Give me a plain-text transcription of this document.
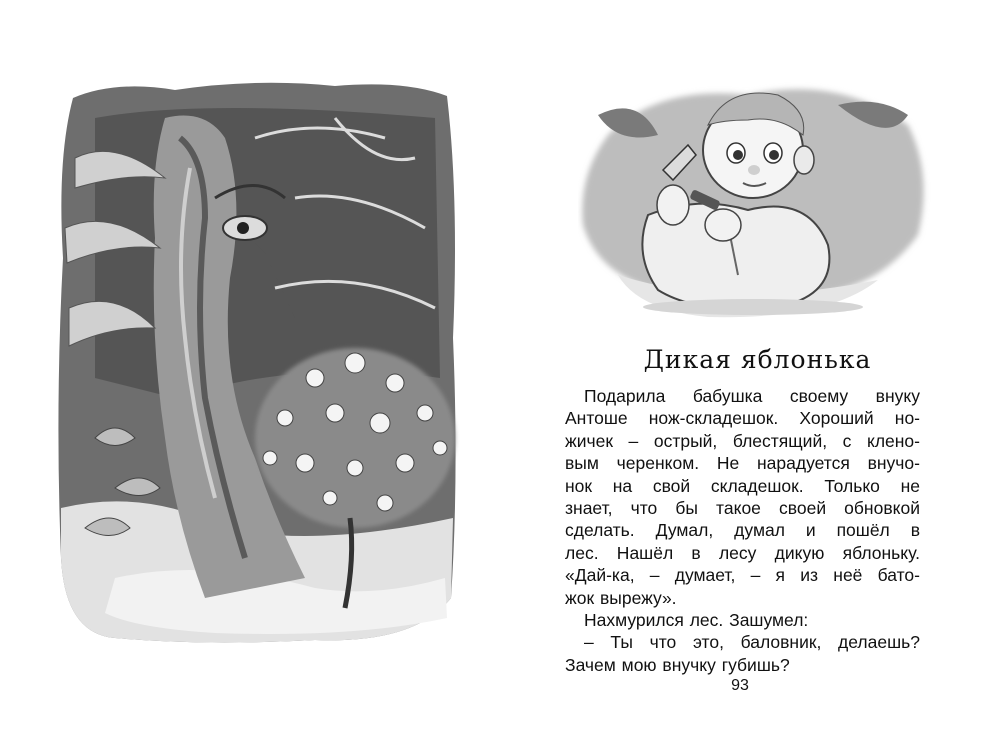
Дикая яблонька

Подарила бабушка своему внуку

Антоше нож-складешок. Хороший но-

жичек – острый, блестящий, с клено-

вым черенком. Не нарадуется внучо-

нок на свой складешок. Только не

знает, что бы такое своей обновкой

сделать. Думал, думал и пошёл в

лес. Нашёл в лесу дикую яблоньку.

«Дай-ка, – думает, – я из неё бато-

жок вырежу».

Нахмурился лес. Зашумел:

– Ты что это, баловник, делаешь?

Зачем мою внучку губишь?

93
